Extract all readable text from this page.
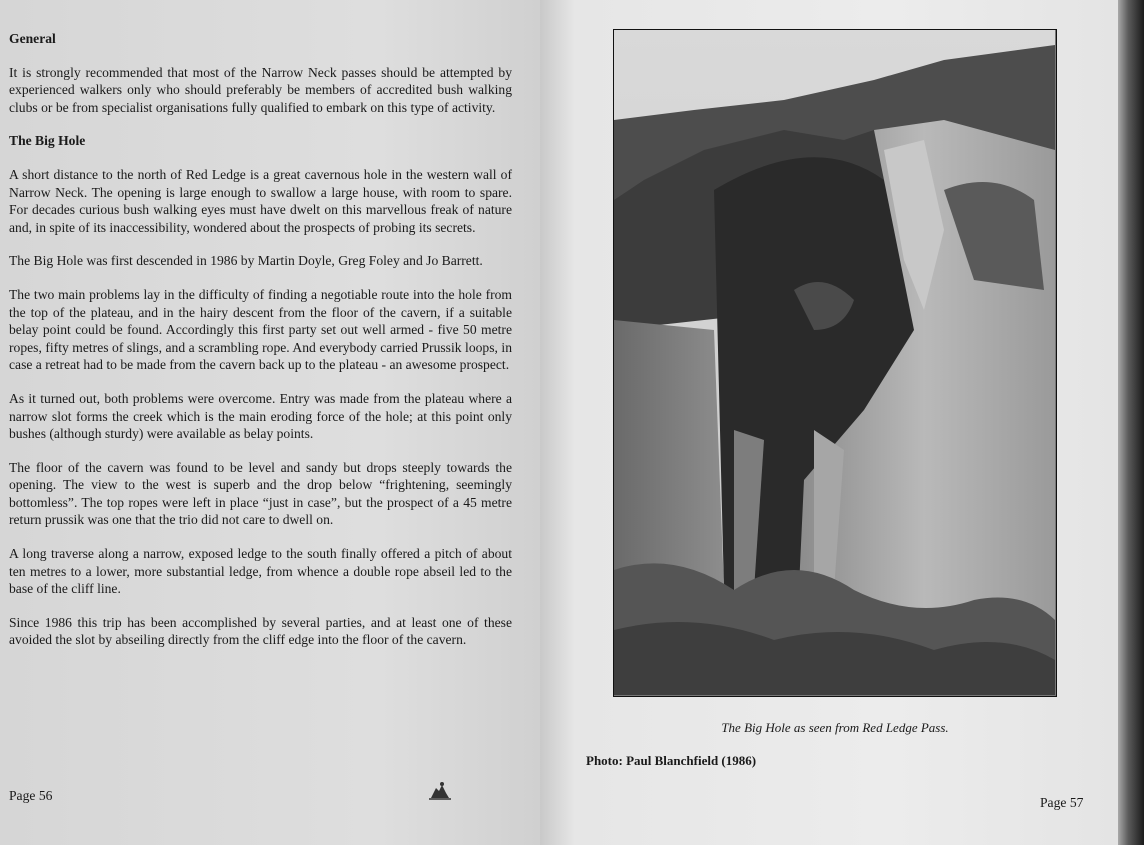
General

It is strongly recommended that most of the Narrow Neck passes should be attempted by experienced walkers only who should preferably be members of accredited bush walking clubs or be from specialist organisations fully qualified to embark on this type of activity.

The Big Hole

A short distance to the north of Red Ledge is a great cavernous hole in the western wall of Narrow Neck. The opening is large enough to swallow a large house, with room to spare. For decades curious bush walking eyes must have dwelt on this marvellous freak of nature and, in spite of its inaccessibility, wondered about the prospects of probing its secrets.

The Big Hole was first descended in 1986 by Martin Doyle, Greg Foley and Jo Barrett.

The two main problems lay in the difficulty of finding a negotiable route into the hole from the top of the plateau, and in the hairy descent from the floor of the cavern, if a suitable belay point could be found. Accordingly this first party set out well armed - five 50 metre ropes, fifty metres of slings, and a scrambling rope. And everybody carried Prussik loops, in case a retreat had to be made from the cavern back up to the plateau - an awesome prospect.

As it turned out, both problems were overcome. Entry was made from the plateau where a narrow slot forms the creek which is the main eroding force of the hole; at this point only bushes (although sturdy) were available as belay points.

The floor of the cavern was found to be level and sandy but drops steeply towards the opening. The view to the west is superb and the drop below “frightening, seemingly bottomless”. The top ropes were left in place “just in case”, but the prospect of a 45 metre return prussik was one that the trio did not care to dwell on.

A long traverse along a narrow, exposed ledge to the south finally offered a pitch of about ten metres to a lower, more substantial ledge, from whence a double rope abseil led to the base of the cliff line.

Since 1986 this trip has been accomplished by several parties, and at least one of these avoided the slot by abseiling directly from the cliff edge into the floor of the cavern.

Page 56
The Big Hole as seen from Red Ledge Pass.
Photo: Paul Blanchfield (1986)
Page 57
